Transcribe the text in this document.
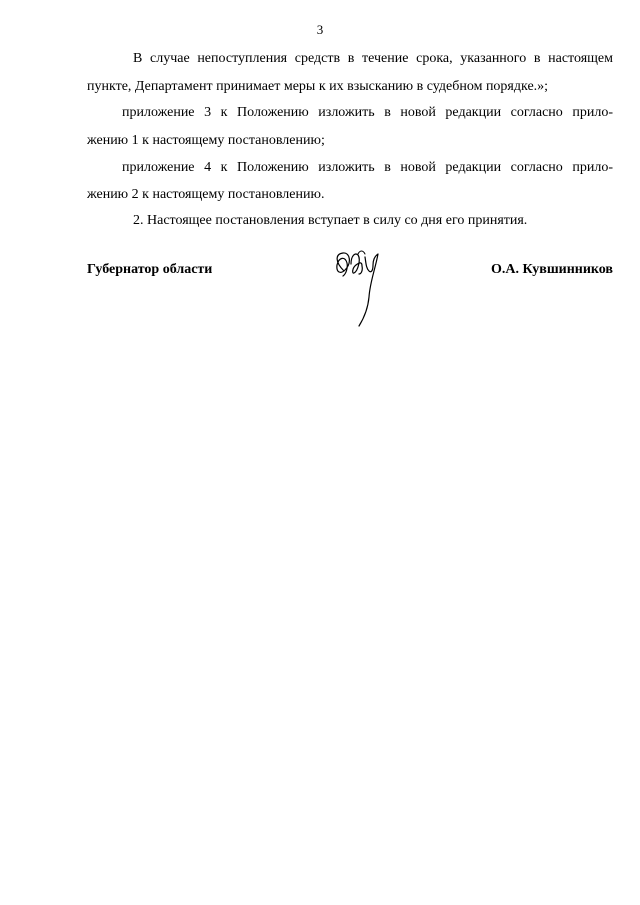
3
В случае непоступления средств в течение срока, указанного в настоящем
пункте, Департамент принимает меры к их взысканию в судебном порядке.»;
приложение 3 к Положению изложить в новой редакции согласно прило-
жению 1 к настоящему постановлению;
приложение 4 к Положению изложить в новой редакции согласно прило-
жению 2 к настоящему постановлению.
2. Настоящее постановления вступает в силу со дня его принятия.
Губернатор области	О.А. Кувшинников
